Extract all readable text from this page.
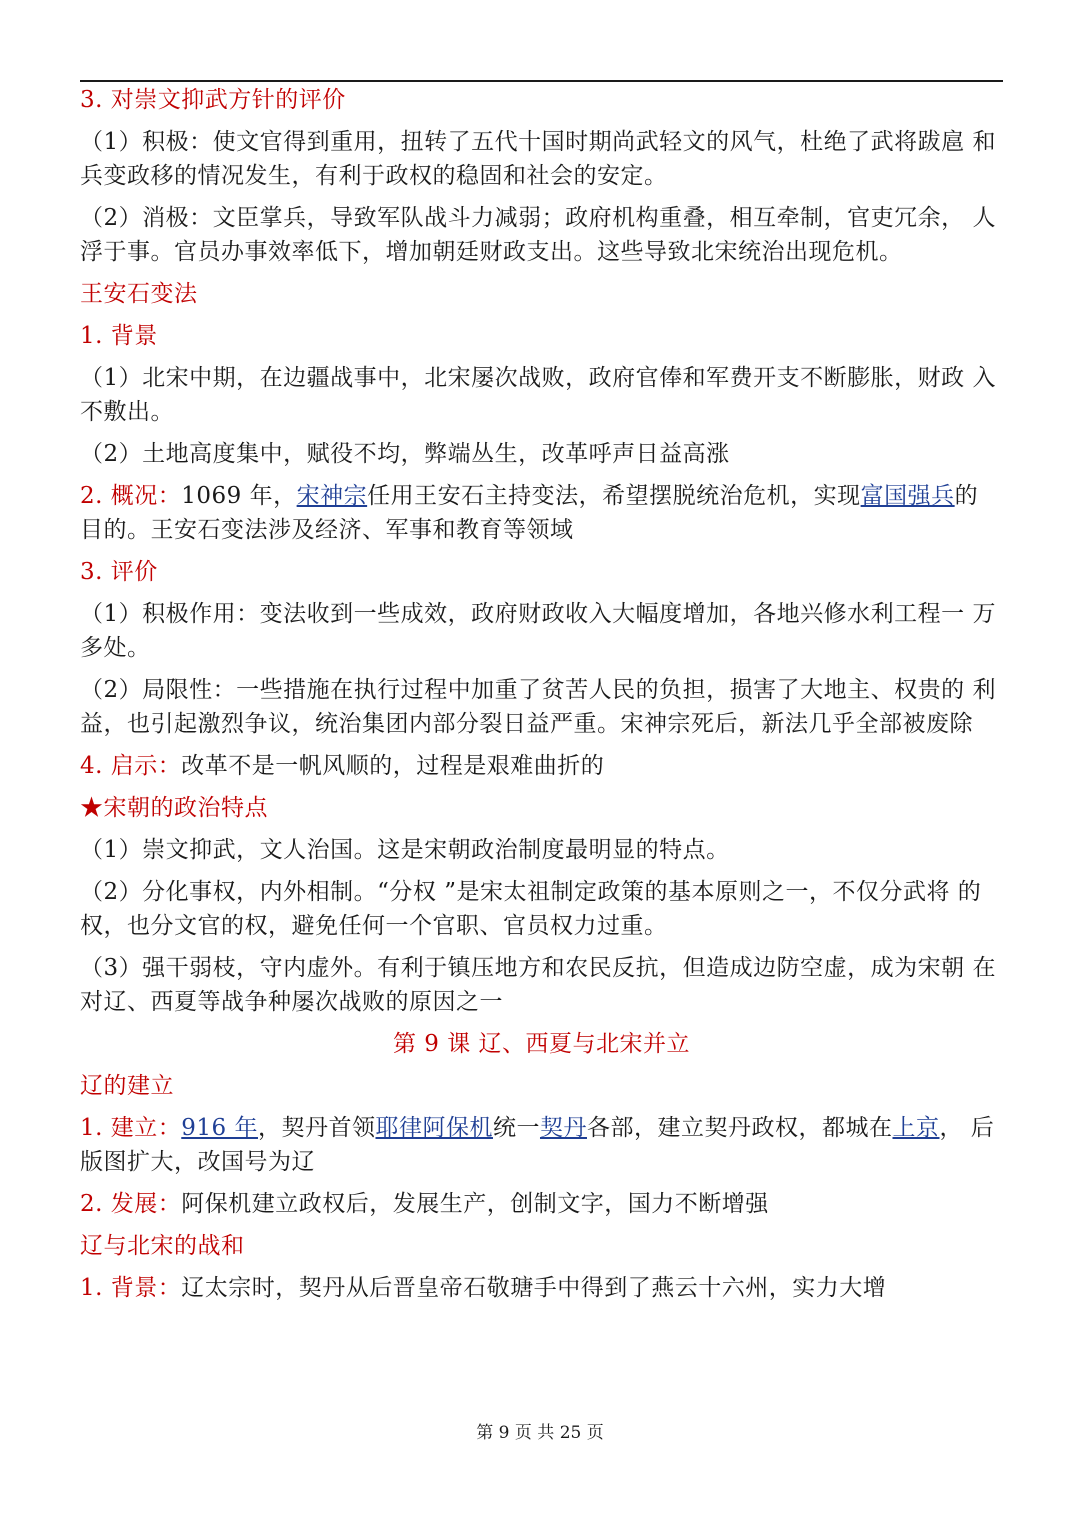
3. 对崇文抑武方针的评价
（1）积极：使文官得到重用，扭转了五代十国时期尚武轻文的风气，杜绝了武将跋扈 和兵变政移的情况发生，有利于政权的稳固和社会的安定。
（2）消极：文臣掌兵，导致军队战斗力减弱；政府机构重叠，相互牵制，官吏冗余， 人浮于事。官员办事效率低下，增加朝廷财政支出。这些导致北宋统治出现危机。
王安石变法
1. 背景
（1）北宋中期，在边疆战事中，北宋屡次战败，政府官俸和军费开支不断膨胀，财政 入不敷出。
（2）土地高度集中，赋役不均，弊端丛生，改革呼声日益高涨
2. 概况：1069 年，宋神宗任用王安石主持变法，希望摆脱统治危机，实现富国强兵的 目的。王安石变法涉及经济、军事和教育等领域
3. 评价
（1）积极作用：变法收到一些成效，政府财政收入大幅度增加，各地兴修水利工程一 万多处。
（2）局限性：一些措施在执行过程中加重了贫苦人民的负担，损害了大地主、权贵的 利益，也引起激烈争议，统治集团内部分裂日益严重。宋神宗死后，新法几乎全部被废除
4. 启示：改革不是一帆风顺的，过程是艰难曲折的
★宋朝的政治特点
（1）崇文抑武，文人治国。这是宋朝政治制度最明显的特点。
（2）分化事权，内外相制。“分权 ”是宋太祖制定政策的基本原则之一，不仅分武将 的权，也分文官的权，避免任何一个官职、官员权力过重。
（3）强干弱枝，守内虚外。有利于镇压地方和农民反抗，但造成边防空虚，成为宋朝 在对辽、西夏等战争种屡次战败的原因之一
第 9 课 辽、西夏与北宋并立
辽的建立
1. 建立：916 年，契丹首领耶律阿保机统一契丹各部，建立契丹政权，都城在上京， 后版图扩大，改国号为辽
2. 发展：阿保机建立政权后，发展生产，创制文字，国力不断增强
辽与北宋的战和
1. 背景：辽太宗时，契丹从后晋皇帝石敬瑭手中得到了燕云十六州，实力大增
第 9 页 共 25 页
